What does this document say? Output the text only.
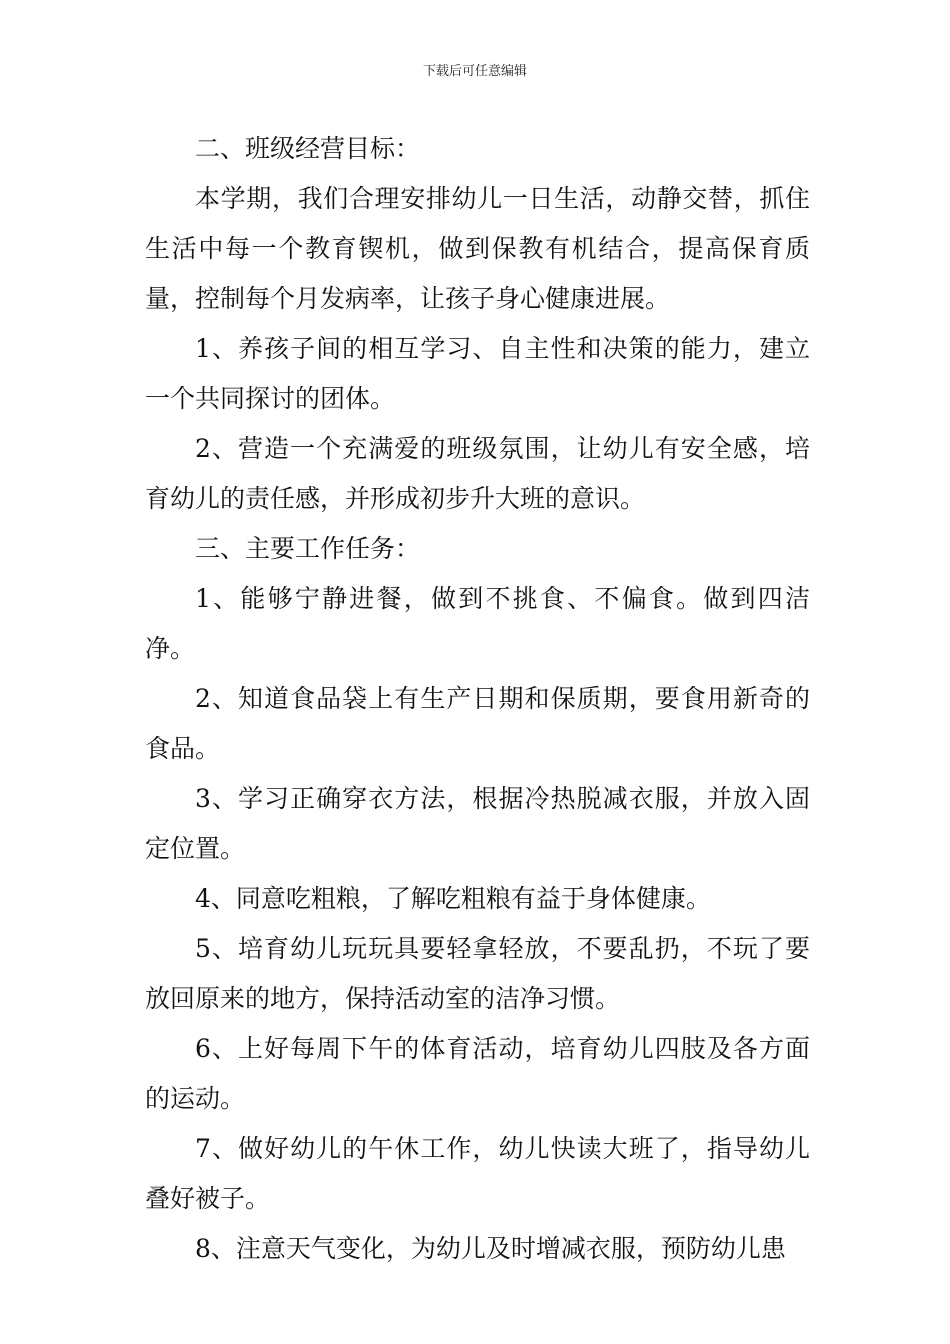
下载后可任意编辑

二、班级经营目标：

本学期，我们合理安排幼儿一日生活，动静交替，抓住生活中每一个教育锲机，做到保教有机结合，提高保育质量，控制每个月发病率，让孩子身心健康进展。

1、养孩子间的相互学习、自主性和决策的能力，建立一个共同探讨的团体。

2、营造一个充满爱的班级氛围，让幼儿有安全感，培育幼儿的责任感，并形成初步升大班的意识。

三、主要工作任务：

1、能够宁静进餐，做到不挑食、不偏食。做到四洁净。

2、知道食品袋上有生产日期和保质期，要食用新奇的食品。

3、学习正确穿衣方法，根据冷热脱减衣服，并放入固定位置。

4、同意吃粗粮，了解吃粗粮有益于身体健康。

5、培育幼儿玩玩具要轻拿轻放，不要乱扔，不玩了要放回原来的地方，保持活动室的洁净习惯。

6、上好每周下午的体育活动，培育幼儿四肢及各方面的运动。

7、做好幼儿的午休工作，幼儿快读大班了，指导幼儿叠好被子。

8、注意天气变化，为幼儿及时增减衣服，预防幼儿患
